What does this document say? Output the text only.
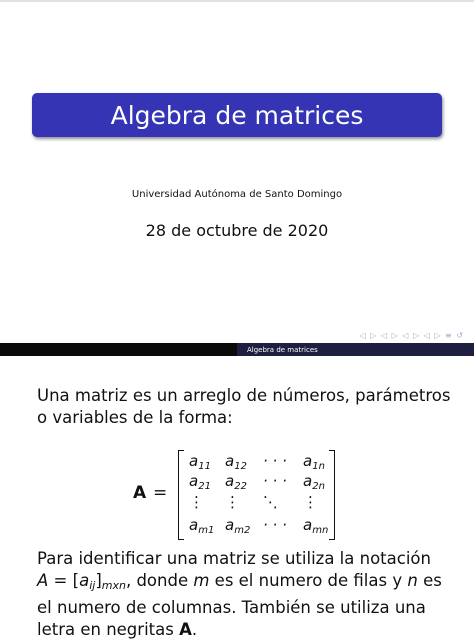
Algebra de matrices
Universidad Autónoma de Santo Domingo
28 de octubre de 2020
◁ ▷ ◁ ▷ ◁ ▷ ◁ ▷ ≡ ↺
Algebra de matrices
Una matriz es un arreglo de números, parámetros o variables de la forma:
A =
$a_{11}$ $a_{12}$ · · · $a_{1n}$
$a_{21}$ $a_{22}$ · · · $a_{2n}$
⋮ ⋮ ⋱ ⋮
$a_{m1}$ $a_{m2}$ · · · $a_{mn}$
Para identificar una matriz se utiliza la notación
$A = [a_{ij}]_{mxn}$, donde m es el numero de filas y n es el numero de columnas. También se utiliza una letra en negritas A.
